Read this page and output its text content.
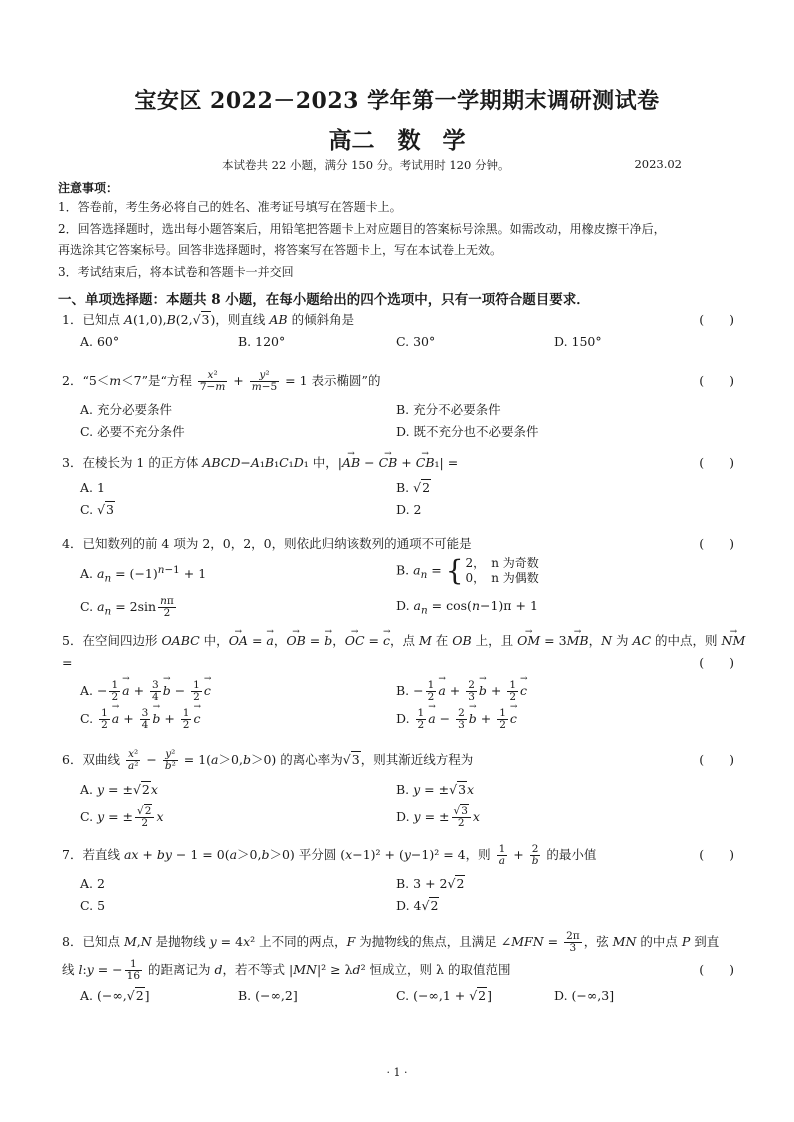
宝安区 2022－2023 学年第一学期期末调研测试卷
高二　数 学
本试卷共 22 小题，满分 150 分。考试用时 120 分钟。	2023.02
注意事项：
1．答卷前，考生务必将自己的姓名、准考证号填写在答题卡上。
2．回答选择题时，选出每小题答案后，用铅笔把答题卡上对应题目的答案标号涂黑。如需改动，用橡皮擦干净后，
再选涂其它答案标号。回答非选择题时，将答案写在答题卡上，写在本试卷上无效。
3．考试结束后，将本试卷和答题卡一并交回
一、单项选择题：本题共 8 小题，在每小题给出的四个选项中，只有一项符合题目要求．
1．已知点 A(1,0),B(2, √ 3)，则直线 AB 的倾斜角是	(　　)
A. 60°	B. 120°	C. 30°	D. 150°
2．“5＜m＜7”是“方程 $\frac{\text{x²}}{7-m} + \frac{\text{y²}}{m-5} = 1$ 表示椭圆”的	(　　)
A. 充分必要条件	B. 充分不必要条件
C. 必要不充分条件	D. 既不充分也不必要条件
3．在棱长为 1 的正方体 ABCD−A₁B₁C₁D₁ 中，|→ AB − → CB + → CB₁| =	(　　)
A. 1	B. √ 2
C. √ 3	D. 2
4．已知数列的前 4 项为 2，0，2，0，则依此归纳该数列的通项不可能是	(　　)
A. $a_n = (-1)^{n-1} + 1$	B. $a_n$ = { 2，　n 为奇数
0，　n 为偶数
C. $a_n = 2\sin \frac{n\pi}{2}$	D. $a_n = \cos(n-1)\pi + 1$
5．在空间四边形 OABC 中，→ OA = → a，→ OB = → b，→ OC = → c，点 M 在 OB 上，且 → OM = 3→ MB，N 为 AC 的中点，则 → NM
=	(　　)
A. − $\frac{1}{2} \to a + \frac{3}{4} \to b - \frac{1}{2} \to c$	B. − $\frac{1}{2} \to a + \frac{2}{3} \to b + \frac{1}{2} \to c$
C. $\frac{1}{2} \to a + \frac{3}{4} \to b + \frac{1}{2} \to c$	D. $\frac{1}{2} \to a - \frac{2}{3} \to b + \frac{1}{2} \to c$
6．双曲线 $\frac{\text{x²}}{\text{a²}} - \frac{\text{y²}}{\text{b²}} = 1(a>0,b>0)$ 的离心率为 √ 3，则其渐近线方程为	(　　)
A. y = ± √ 2x	B. y = ± √ 3x
C. y = ± √ $\frac{2}{2}$ x	D. y = ± √ $\frac{3}{2}$ x
7．若直线 ax + by − 1 = 0(a＞0,b＞0) 平分圆 (x−1)² + (y−1)² = 4，则 $\frac{1}{a} + \frac{2}{b}$ 的最小值	(　　)
A. 2	B. 3 + 2 √ 2
C. 5	D. 4 √ 2
8．已知点 M,N 是抛物线 y = 4x² 上不同的两点，F 为抛物线的焦点，且满足 ∠MFN = $\frac{2\pi}{3}$ ，弦 MN 的中点 P 到直
线 l:y = − $\frac{1}{16}$ 的距离记为 d，若不等式 |MN|² ≥ λd² 恒成立，则 λ 的取值范围	(　　)
A. (−∞, √ 2]	B. (−∞,2]	C. (−∞,1 + √ 2]	D. (−∞,3]
· 1 ·
